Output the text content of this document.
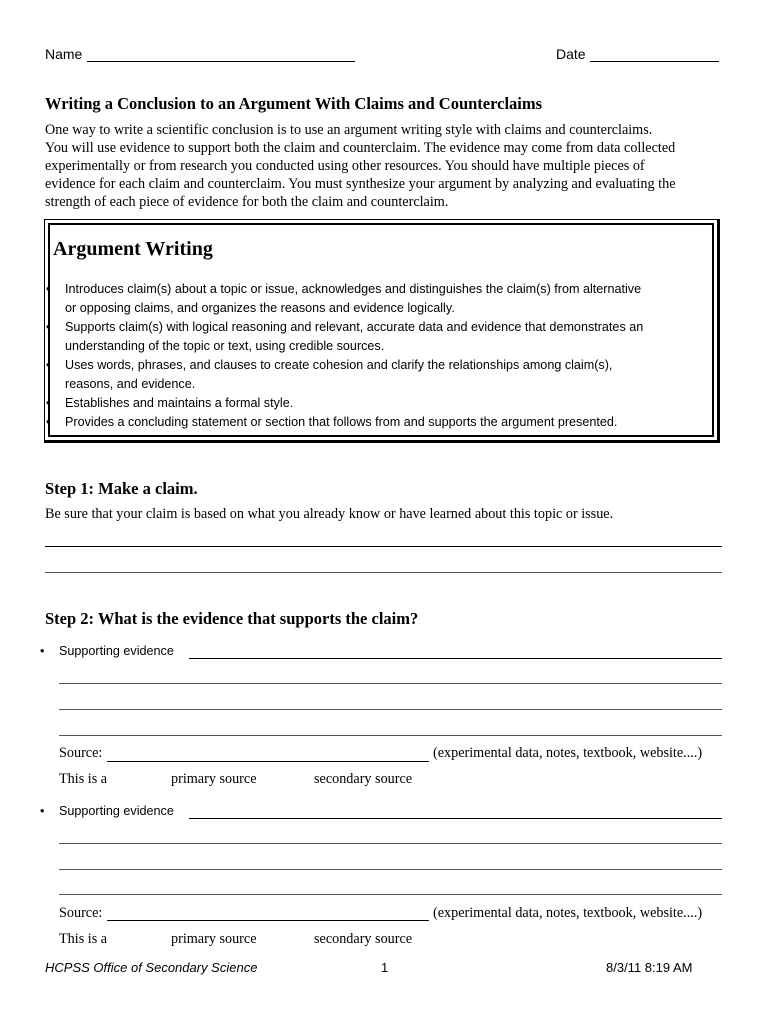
Name	Date
Writing a Conclusion to an Argument With Claims and Counterclaims
One way to write a scientific conclusion is to use an argument writing style with claims and counterclaims.
You will use evidence to support both the claim and counterclaim. The evidence may come from data collected
experimentally or from research you conducted using other resources. You should have multiple pieces of
evidence for each claim and counterclaim. You must synthesize your argument by analyzing and evaluating the
strength of each piece of evidence for both the claim and counterclaim.
Argument Writing
• Introduces claim(s) about a topic or issue, acknowledges and distinguishes the claim(s) from alternative
or opposing claims, and organizes the reasons and evidence logically.
• Supports claim(s) with logical reasoning and relevant, accurate data and evidence that demonstrates an
understanding of the topic or text, using credible sources.
• Uses words, phrases, and clauses to create cohesion and clarify the relationships among claim(s),
reasons, and evidence.
• Establishes and maintains a formal style.
• Provides a concluding statement or section that follows from and supports the argument presented.
Step 1: Make a claim.
Be sure that your claim is based on what you already know or have learned about this topic or issue.
Step 2: What is the evidence that supports the claim?
• Supporting evidence
Source:	(experimental data, notes, textbook, website....)
This is a	primary source	secondary source
• Supporting evidence
Source:	(experimental data, notes, textbook, website....)
This is a	primary source	secondary source
HCPSS Office of Secondary Science	1	8/3/11 8:19 AM
